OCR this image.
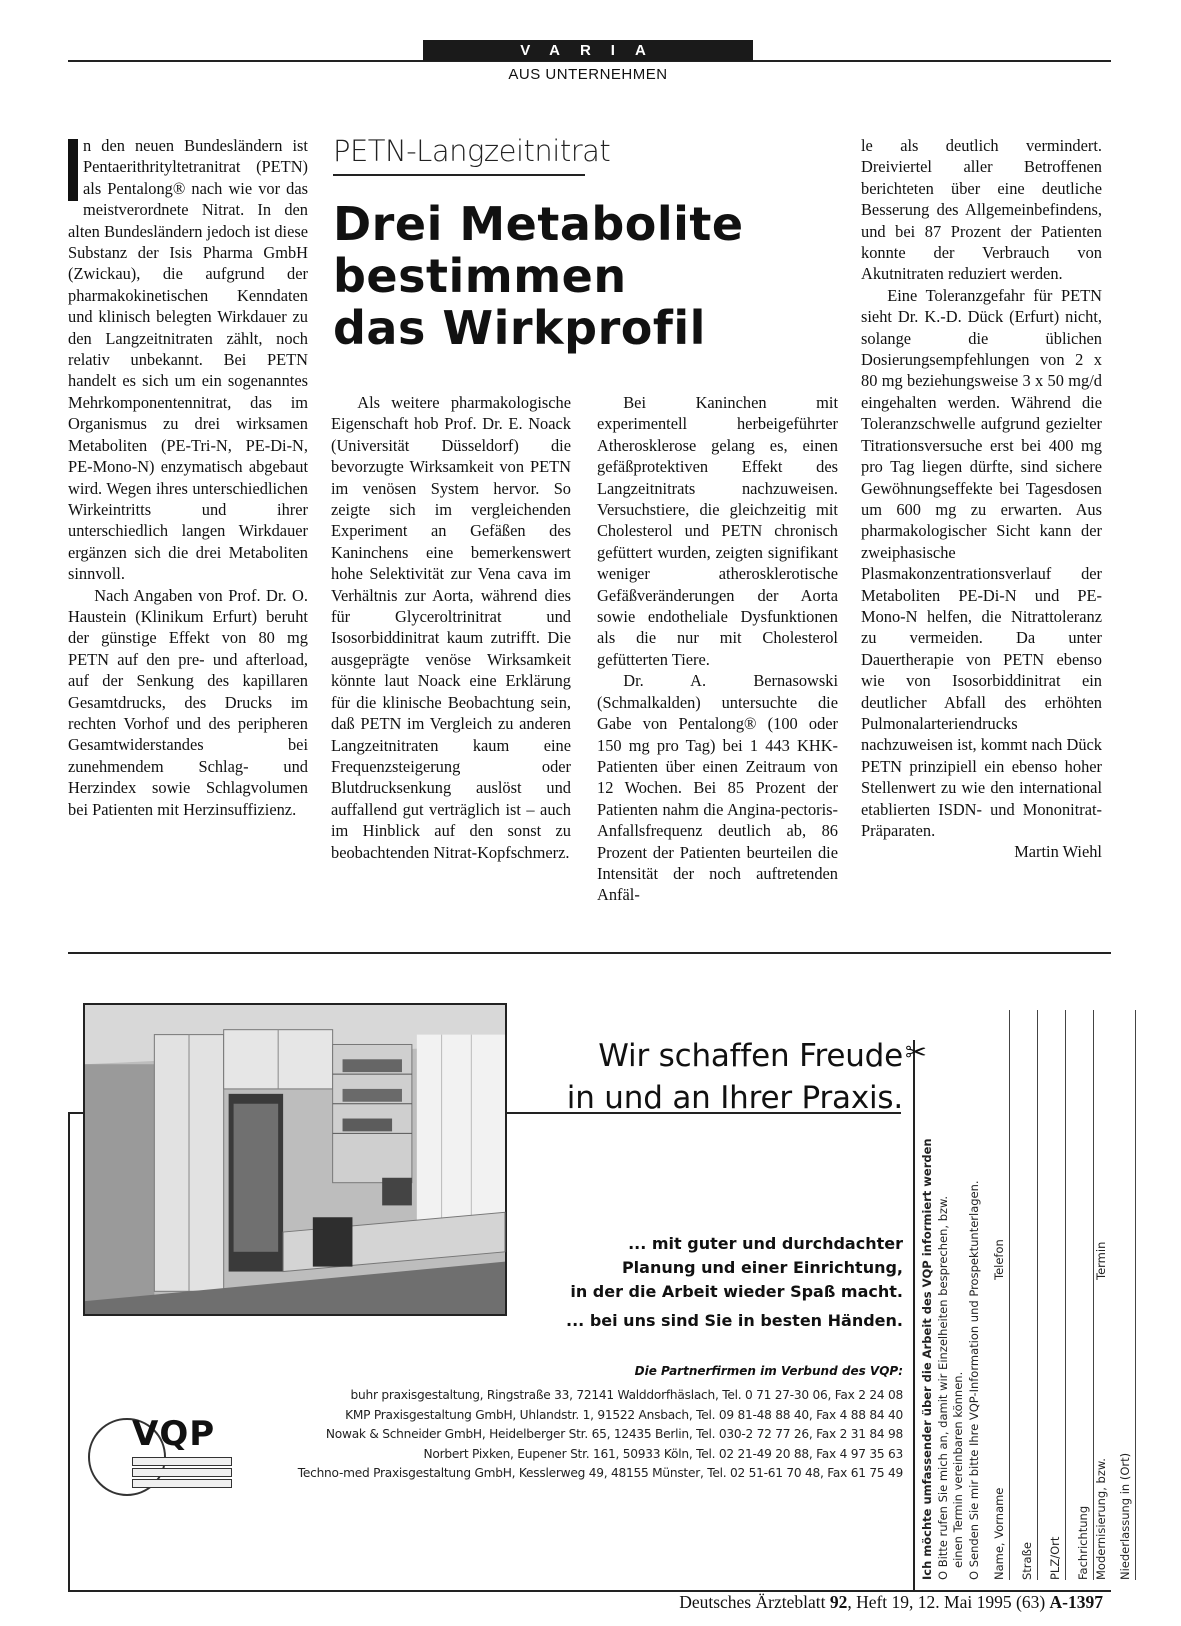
VARIA
AUS UNTERNEHMEN
PETN-Langzeitnitrat
Drei Metabolite
bestimmen
das Wirkprofil

n den neuen Bundesländern ist Pentaerithrityltetranitrat (PETN) als Pentalong® nach wie vor das meistverordnete Nitrat. In den alten Bundesländern jedoch ist diese Substanz der Isis Pharma GmbH (Zwickau), die aufgrund der pharmakokinetischen Kenndaten und klinisch belegten Wirkdauer zu den Langzeitnitraten zählt, noch relativ unbekannt. Bei PETN handelt es sich um ein sogenanntes Mehrkomponentennitrat, das im Organismus zu drei wirksamen Metaboliten (PE-Tri-N, PE-Di-N, PE-Mono-N) enzymatisch abgebaut wird. Wegen ihres unterschiedlichen Wirkeintritts und ihrer unterschiedlich langen Wirkdauer ergänzen sich die drei Metaboliten sinnvoll.

Nach Angaben von Prof. Dr. O. Haustein (Klinikum Erfurt) beruht der günstige Effekt von 80 mg PETN auf den pre- und afterload, auf der Senkung des kapillaren Gesamtdrucks, des Drucks im rechten Vorhof und des peripheren Gesamtwiderstandes bei zunehmendem Schlag- und Herzindex sowie Schlagvolumen bei Patienten mit Herzinsuffizienz.

Als weitere pharmakologische Eigenschaft hob Prof. Dr. E. Noack (Universität Düsseldorf) die bevorzugte Wirksamkeit von PETN im venösen System hervor. So zeigte sich im vergleichenden Experiment an Gefäßen des Kaninchens eine bemerkenswert hohe Selektivität zur Vena cava im Verhältnis zur Aorta, während dies für Glyceroltrinitrat und Isosorbiddinitrat kaum zutrifft. Die ausgeprägte venöse Wirksamkeit könnte laut Noack eine Erklärung für die klinische Beobachtung sein, daß PETN im Vergleich zu anderen Langzeitnitraten kaum eine Frequenzsteigerung oder Blutdrucksenkung auslöst und auffallend gut verträglich ist – auch im Hinblick auf den sonst zu beobachtenden Nitrat-Kopfschmerz.

Bei Kaninchen mit experimentell herbeigeführter Atherosklerose gelang es, einen gefäßprotektiven Effekt des Langzeitnitrats nachzuweisen. Versuchstiere, die gleichzeitig mit Cholesterol und PETN chronisch gefüttert wurden, zeigten signifikant weniger atherosklerotische Gefäßveränderungen der Aorta sowie endotheliale Dysfunktionen als die nur mit Cholesterol gefütterten Tiere.

Dr. A. Bernasowski (Schmalkalden) untersuchte die Gabe von Pentalong® (100 oder 150 mg pro Tag) bei 1 443 KHK-Patienten über einen Zeitraum von 12 Wochen. Bei 85 Prozent der Patienten nahm die Angina-pectoris-Anfallsfrequenz deutlich ab, 86 Prozent der Patienten beurteilen die Intensität der noch auftretenden Anfäl-

le als deutlich vermindert. Dreiviertel aller Betroffenen berichteten über eine deutliche Besserung des Allgemeinbefindens, und bei 87 Prozent der Patienten konnte der Verbrauch von Akutnitraten reduziert werden.

Eine Toleranzgefahr für PETN sieht Dr. K.-D. Dück (Erfurt) nicht, solange die üblichen Dosierungsempfehlungen von 2 x 80 mg beziehungsweise 3 x 50 mg/d eingehalten werden. Während die Toleranzschwelle aufgrund gezielter Titrationsversuche erst bei 400 mg pro Tag liegen dürfte, sind sichere Gewöhnungseffekte bei Tagesdosen um 600 mg zu erwarten. Aus pharmakologischer Sicht kann der zweiphasische Plasmakonzentrationsverlauf der Metaboliten PE-Di-N und PE-Mono-N helfen, die Nitrattoleranz zu vermeiden. Da unter Dauertherapie von PETN ebenso wie von Isosorbiddinitrat ein deutlicher Abfall des erhöhten Pulmonalarteriendrucks nachzuweisen ist, kommt nach Dück PETN prinzipiell ein ebenso hoher Stellenwert zu wie den international etablierten ISDN- und Mononitrat-Präparaten.

Martin Wiehl
Wir schaffen Freude
in und an Ihrer Praxis.
✂
... mit guter und durchdachter
Planung und einer Einrichtung,
in der die Arbeit wieder Spaß macht.
... bei uns sind Sie in besten Händen.
Die Partnerfirmen im Verbund des VQP:
buhr praxisgestaltung, Ringstraße 33, 72141 Walddorfhäslach, Tel. 0 71 27-30 06, Fax 2 24 08
KMP Praxisgestaltung GmbH, Uhlandstr. 1, 91522 Ansbach, Tel. 09 81-48 88 40, Fax 4 88 84 40
Nowak & Schneider GmbH, Heidelberger Str. 65, 12435 Berlin, Tel. 030-2 72 77 26, Fax 2 31 84 98
Norbert Pixken, Eupener Str. 161, 50933 Köln, Tel. 02 21-49 20 88, Fax 4 97 35 63
Techno-med Praxisgestaltung GmbH, Kesslerweg 49, 48155 Münster, Tel. 02 51-61 70 48, Fax 61 75 49
VQP	Ich möchte umfassender über die Arbeit des VQP informiert werden O Bitte rufen Sie mich an, damit wir Einzelheiten besprechen, bzw. einen Termin vereinbaren können. O Senden Sie mir bitte Ihre VQP-Information und Prospektunterlagen. Name, Vorname
Telefon
Straße PLZ/Ort Fachrichtung Modernisierung, bzw.
Termin
Niederlassung in (Ort)
Deutsches Ärzteblatt 92, Heft 19, 12. Mai 1995 (63) A-1397
